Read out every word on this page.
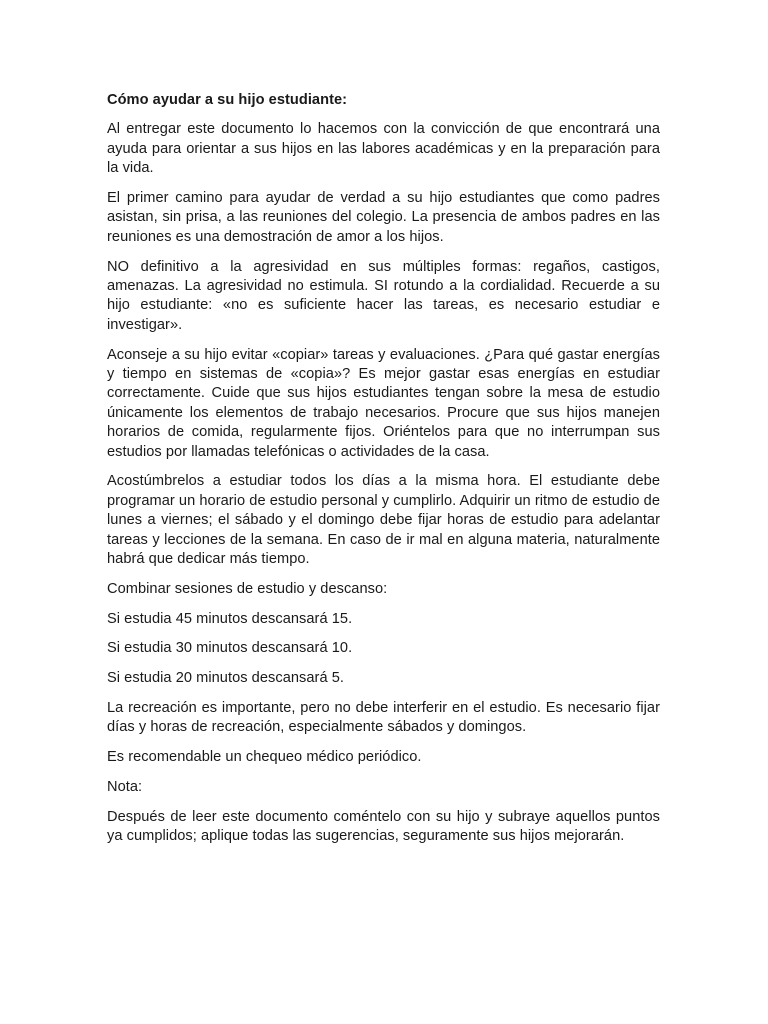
Cómo ayudar a su hijo estudiante:

Al entregar este documento lo hacemos con la convicción de que encontrará una ayuda para orientar a sus hijos en las labores académicas y en la preparación para la vida.

El primer camino para ayudar de verdad a su hijo estudiantes que como padres asistan, sin prisa, a las reuniones del colegio. La presencia de ambos padres en las reuniones es una demostración de amor a los hijos.

NO definitivo a la agresividad en sus múltiples formas: regaños, castigos, amenazas. La agresividad no estimula. SI rotundo a la cordialidad. Recuerde a su hijo estudiante: «no es suficiente hacer las tareas, es necesario estudiar e investigar».

Aconseje a su hijo evitar «copiar» tareas y evaluaciones. ¿Para qué gastar energías y tiempo en sistemas de «copia»? Es mejor gastar esas energías en estudiar correctamente. Cuide que sus hijos estudiantes tengan sobre la mesa de estudio únicamente los elementos de trabajo necesarios. Procure que sus hijos manejen horarios de comida, regularmente fijos. Oriéntelos para que no interrumpan sus estudios por llamadas telefónicas o actividades de la casa.

Acostúmbrelos a estudiar todos los días a la misma hora. El estudiante debe programar un horario de estudio personal y cumplirlo. Adquirir un ritmo de estudio de lunes a viernes; el sábado y el domingo debe fijar horas de estudio para adelantar tareas y lecciones de la semana. En caso de ir mal en alguna materia, naturalmente habrá que dedicar más tiempo.

Combinar sesiones de estudio y descanso:

Si estudia 45 minutos descansará 15.

Si estudia 30 minutos descansará 10.

Si estudia 20 minutos descansará 5.

La recreación es importante, pero no debe interferir en el estudio. Es necesario fijar días y horas de recreación, especialmente sábados y domingos.

Es recomendable un chequeo médico periódico.

Nota:

Después de leer este documento coméntelo con su hijo y subraye aquellos puntos ya cumplidos; aplique todas las sugerencias, seguramente sus hijos mejorarán.
